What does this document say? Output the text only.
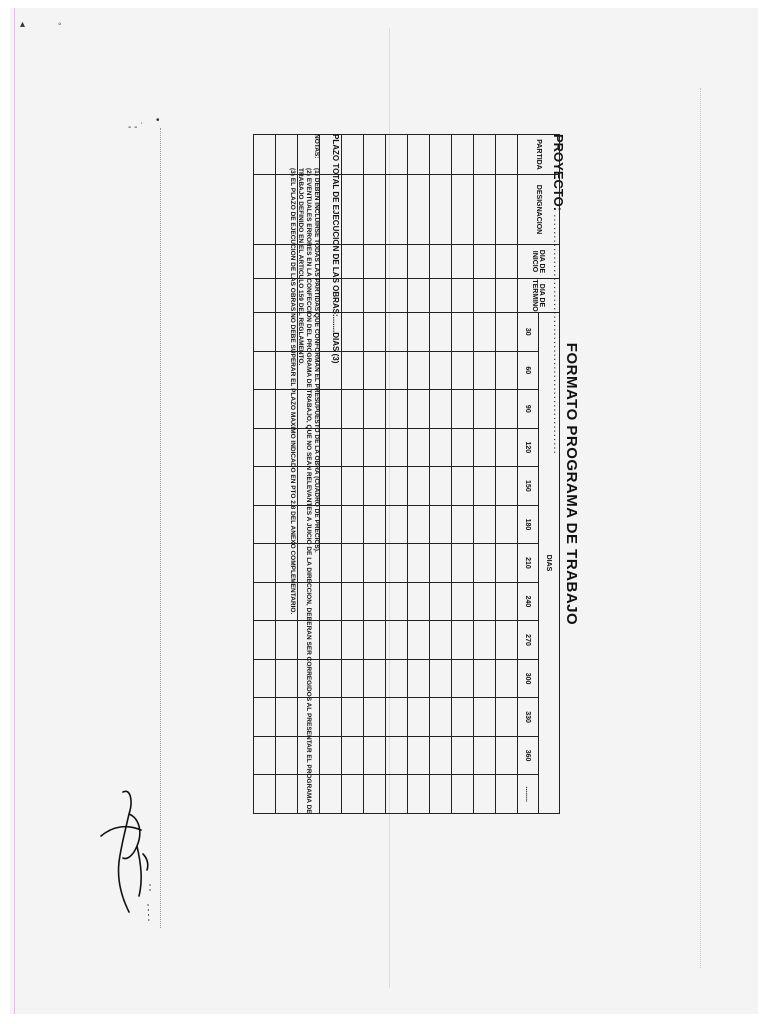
▴	◦
- - ˙
•
FORMATO PROGRAMA DE TRABAJO
PROYECTO: .........................................................
PARTIDA	DESIGNACION	DIA DE INICIO	DIA DE TERMINO	DIAS												
				30	60	90	120	150	180	210	240	270	300	330	360	........

PLAZO TOTAL DE EJECUCION DE LAS OBRAS:.......DIAS (3)
NOTAS:
(1) DEBEN INCLUIRSE TODAS LAS PARTIDAS QUE CONFORMAN EL PRESUPUESTO DE LA OBRA (CUADRO DE PRECIOS).
(2) EVENTUALES ERRORES EN LA CONFECCION DEL PROGRAMA DE TRABAJO, QUE NO SEAN RELEVANTES A JUICIO DE LA DIRECCION, DEBERAN SER CORREGIDOS AL PRESENTAR EL PROGRAMA DE TRABAJO DEFINIDO EN EL ARTICULO 159 DEL REGLAMENTO.
(3) EL PLAZO DE EJECUCION DE LAS OBRAS NO DEBE SUPERAR EL PLAZO MAXIMO INDICADO EN PTO 2.8 DEL ANEXO COMPLEMENTARIO.
